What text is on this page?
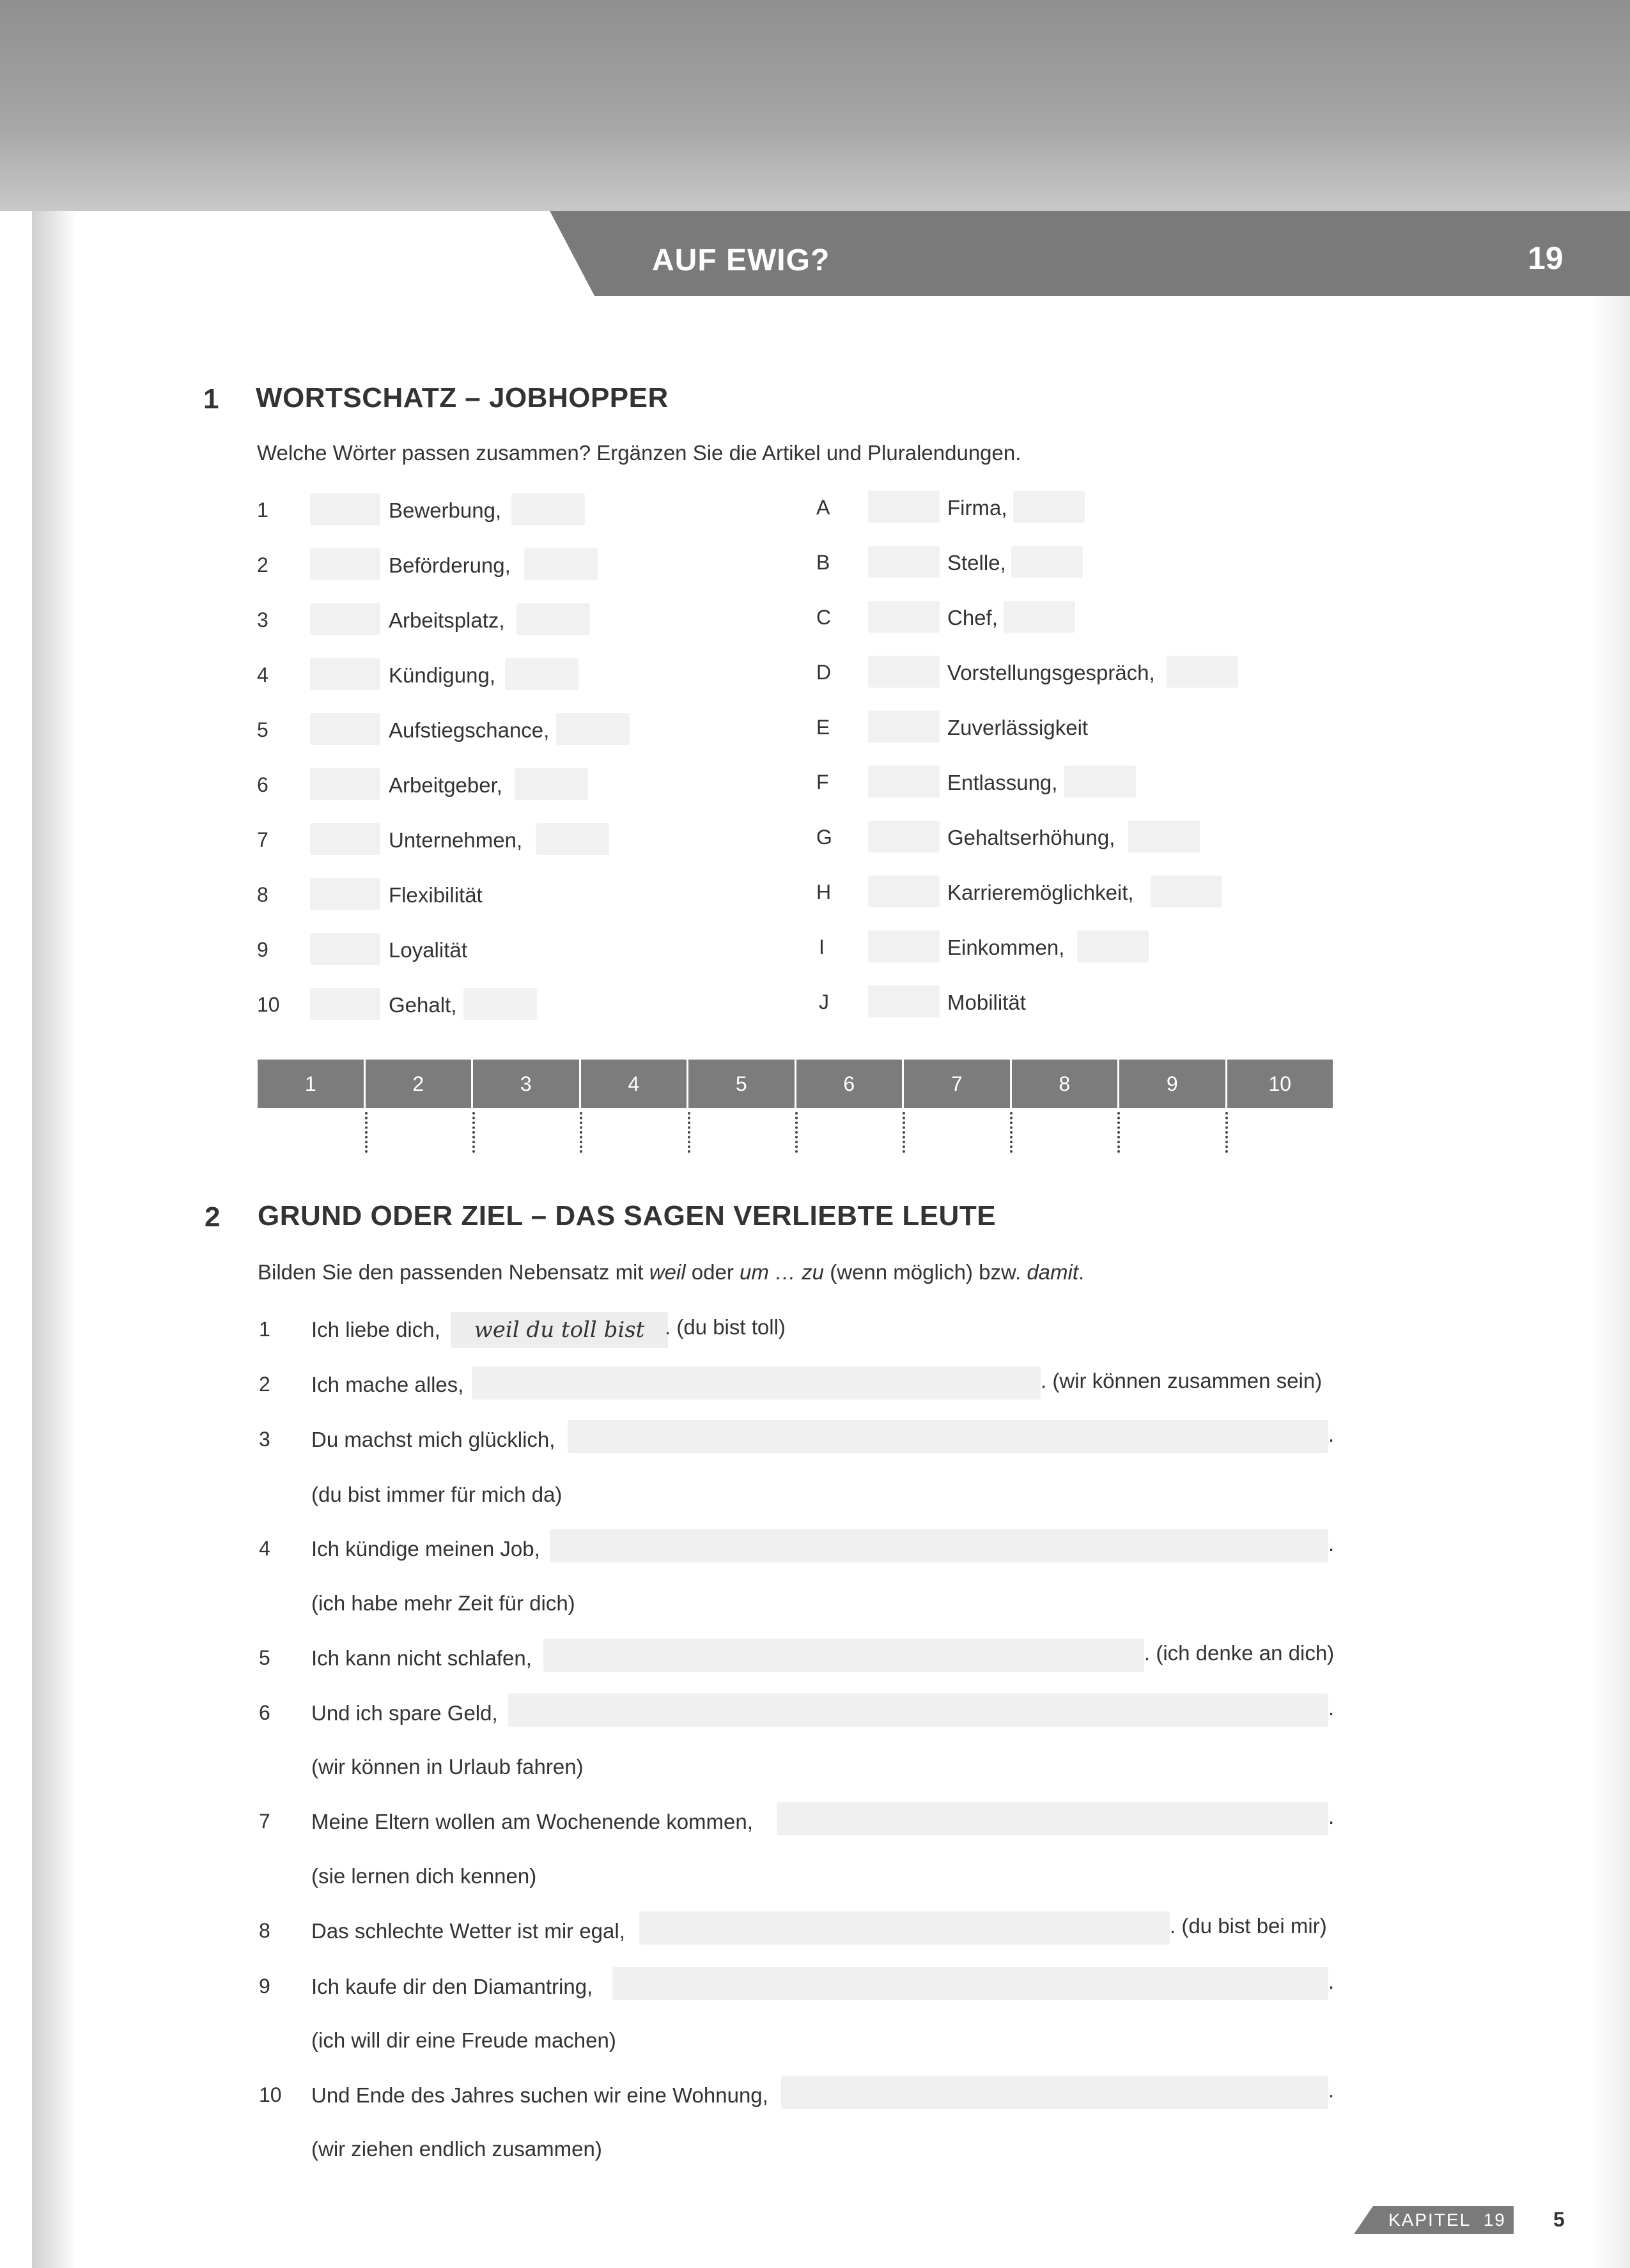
AUF EWIG?	19
1 WORTSCHATZ – JOBHOPPER
Welche Wörter passen zusammen? Ergänzen Sie die Artikel und Pluralendungen.
1	Bewerbung,
2	Beförderung,
3	Arbeitsplatz,
4	Kündigung,
5	Aufstiegschance,
6	Arbeitgeber,
7	Unternehmen,
8	Flexibilität
9	Loyalität
10	Gehalt,
A	Firma,
B	Stelle,
C	Chef,
D	Vorstellungsgespräch,
E	Zuverlässigkeit
F	Entlassung,
G	Gehaltserhöhung,
H	Karrieremöglichkeit,
I	Einkommen,
J	Mobilität
1	2	3	4	5	6	7	8	9	10
2 GRUND ODER ZIEL – DAS SAGEN VERLIEBTE LEUTE
Bilden Sie den passenden Nebensatz mit weil oder um … zu (wenn möglich) bzw. damit.
1 Ich liebe dich,	weil du toll bist . (du bist toll)
2 Ich mache alles,	. (wir können zusammen sein)
3 Du machst mich glücklich,	.
(du bist immer für mich da)
4 Ich kündige meinen Job,	.
(ich habe mehr Zeit für dich)
5 Ich kann nicht schlafen,	. (ich denke an dich)
6 Und ich spare Geld,	.
(wir können in Urlaub fahren)
7 Meine Eltern wollen am Wochenende kommen,	.
(sie lernen dich kennen)
8 Das schlechte Wetter ist mir egal,	. (du bist bei mir)
9 Ich kaufe dir den Diamantring,	.
(ich will dir eine Freude machen)
10 Und Ende des Jahres suchen wir eine Wohnung,	.
(wir ziehen endlich zusammen)
KAPITEL 19 5
